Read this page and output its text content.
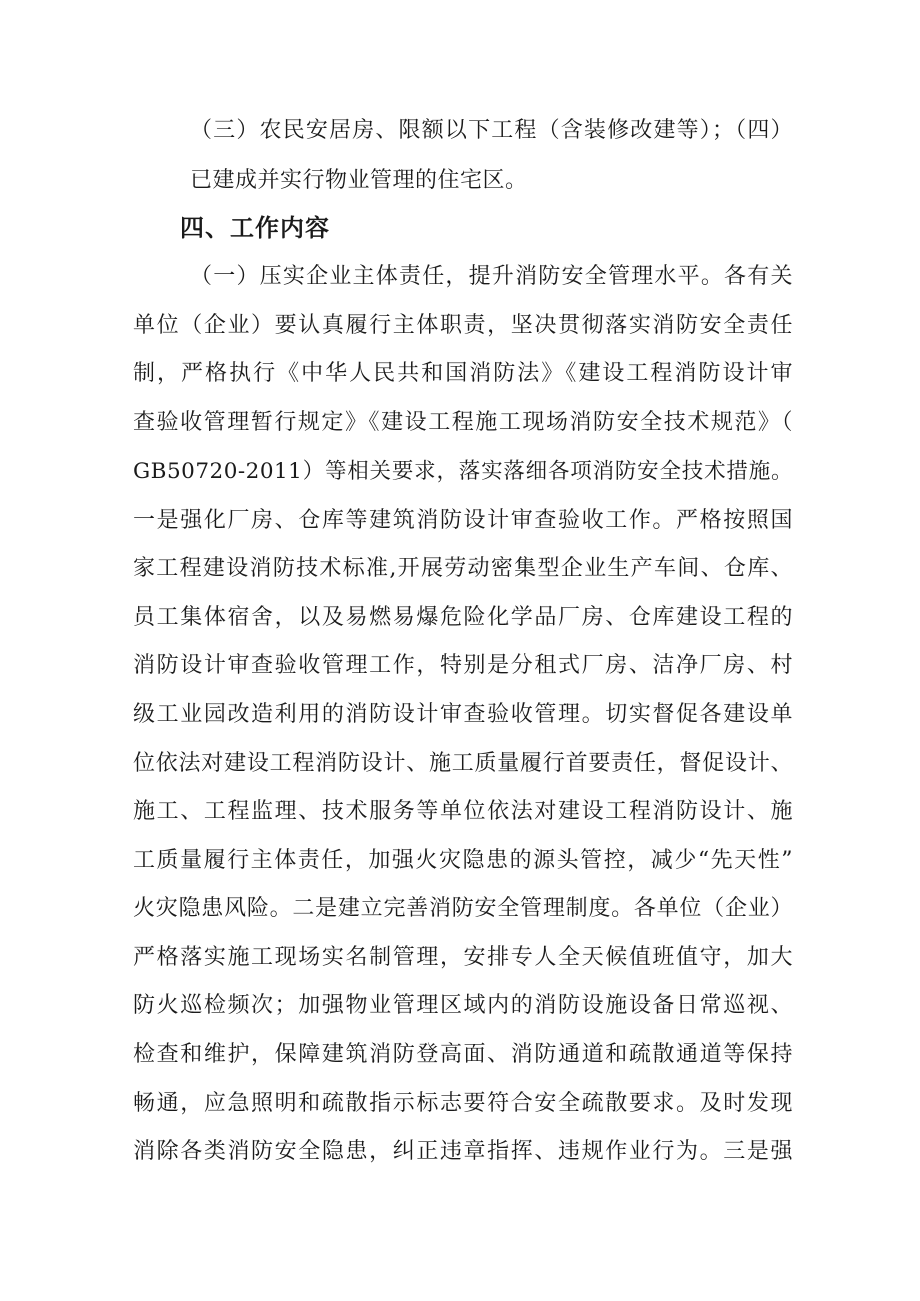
（三）农民安居房、限额以下工程（含装修改建等）；（四）
已建成并实行物业管理的住宅区。
四、工作内容
（一）压实企业主体责任，提升消防安全管理水平。各有关
单位（企业）要认真履行主体职责，坚决贯彻落实消防安全责任
制，严格执行《中华人民共和国消防法》《建设工程消防设计审
查验收管理暂行规定》《建设工程施工现场消防安全技术规范》（
GB50720-2011）等相关要求，落实落细各项消防安全技术措施。
一是强化厂房、仓库等建筑消防设计审查验收工作。严格按照国
家工程建设消防技术标准,开展劳动密集型企业生产车间、仓库、
员工集体宿舍，以及易燃易爆危险化学品厂房、仓库建设工程的
消防设计审查验收管理工作，特别是分租式厂房、洁净厂房、村
级工业园改造利用的消防设计审查验收管理。切实督促各建设单
位依法对建设工程消防设计、施工质量履行首要责任，督促设计、
施工、工程监理、技术服务等单位依法对建设工程消防设计、施
工质量履行主体责任，加强火灾隐患的源头管控，减少“先天性”
火灾隐患风险。二是建立完善消防安全管理制度。各单位（企业）
严格落实施工现场实名制管理，安排专人全天候值班值守，加大
防火巡检频次；加强物业管理区域内的消防设施设备日常巡视、
检查和维护，保障建筑消防登高面、消防通道和疏散通道等保持
畅通，应急照明和疏散指示标志要符合安全疏散要求。及时发现
消除各类消防安全隐患，纠正违章指挥、违规作业行为。三是强
